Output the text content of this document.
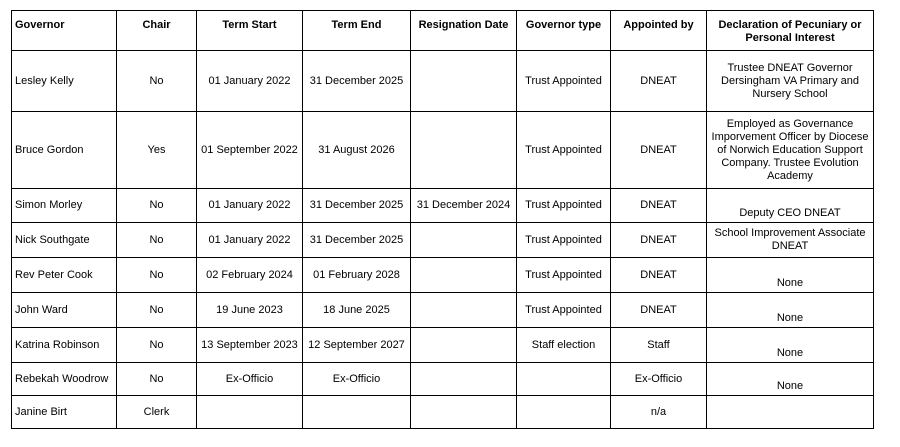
Governor	Chair	Term Start	Term End	Resignation Date	Governor type	Appointed by	Declaration of Pecuniary or Personal Interest
Lesley Kelly	No	01 January 2022	31 December 2025		Trust Appointed	DNEAT	Trustee DNEAT Governor Dersingham VA Primary and Nursery School
Bruce Gordon	Yes	01 September 2022	31 August 2026		Trust Appointed	DNEAT	Employed as Governance Imporvement Officer by Diocese of Norwich Education Support Company. Trustee Evolution Academy
Simon Morley	No	01 January 2022	31 December 2025	31 December 2024	Trust Appointed	DNEAT	Deputy CEO DNEAT
Nick Southgate	No	01 January 2022	31 December 2025		Trust Appointed	DNEAT	School Improvement Associate DNEAT
Rev Peter Cook	No	02 February 2024	01 February 2028		Trust Appointed	DNEAT	None
John Ward	No	19 June 2023	18 June 2025		Trust Appointed	DNEAT	None
Katrina Robinson	No	13 September 2023	12 September 2027		Staff election	Staff	None
Rebekah Woodrow	No	Ex-Officio	Ex-Officio			Ex-Officio	None
Janine Birt	Clerk					n/a	
